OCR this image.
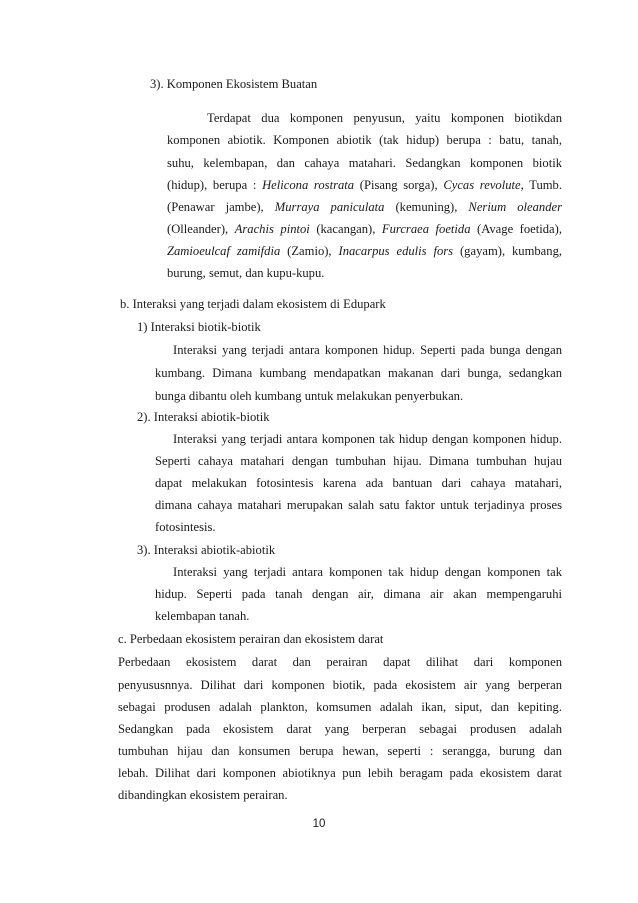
3). Komponen Ekosistem Buatan
Terdapat dua komponen penyusun, yaitu komponen biotikdan
komponen abiotik. Komponen abiotik (tak hidup) berupa : batu, tanah,
suhu, kelembapan, dan cahaya matahari. Sedangkan komponen biotik
(hidup), berupa : Helicona rostrata (Pisang sorga), Cycas revolute, Tumb.
(Penawar jambe), Murraya paniculata (kemuning), Nerium oleander
(Olleander), Arachis pintoi (kacangan), Furcraea foetida (Avage foetida),
Zamioeulcaf zamifdia (Zamio), Inacarpus edulis fors (gayam), kumbang,
burung, semut, dan kupu-kupu.
b. Interaksi yang terjadi dalam ekosistem di Edupark
1) Interaksi biotik-biotik
Interaksi yang terjadi antara komponen hidup. Seperti pada bunga dengan
kumbang. Dimana kumbang mendapatkan makanan dari bunga, sedangkan
bunga dibantu oleh kumbang untuk melakukan penyerbukan.
2). Interaksi abiotik-biotik
Interaksi yang terjadi antara komponen tak hidup dengan komponen hidup.
Seperti cahaya matahari dengan tumbuhan hijau. Dimana tumbuhan hujau
dapat melakukan fotosintesis karena ada bantuan dari cahaya matahari,
dimana cahaya matahari merupakan salah satu faktor untuk terjadinya proses
fotosintesis.
3). Interaksi abiotik-abiotik
Interaksi yang terjadi antara komponen tak hidup dengan komponen tak
hidup. Seperti pada tanah dengan air, dimana air akan mempengaruhi
kelembapan tanah.
c. Perbedaan ekosistem perairan dan ekosistem darat
Perbedaan ekosistem darat dan perairan dapat dilihat dari komponen
penyususnnya. Dilihat dari komponen biotik, pada ekosistem air yang berperan
sebagai produsen adalah plankton, komsumen adalah ikan, siput, dan kepiting.
Sedangkan pada ekosistem darat yang berperan sebagai produsen adalah
tumbuhan hijau dan konsumen berupa hewan, seperti : serangga, burung dan
lebah. Dilihat dari komponen abiotiknya pun lebih beragam pada ekosistem darat
dibandingkan ekosistem perairan.
10
